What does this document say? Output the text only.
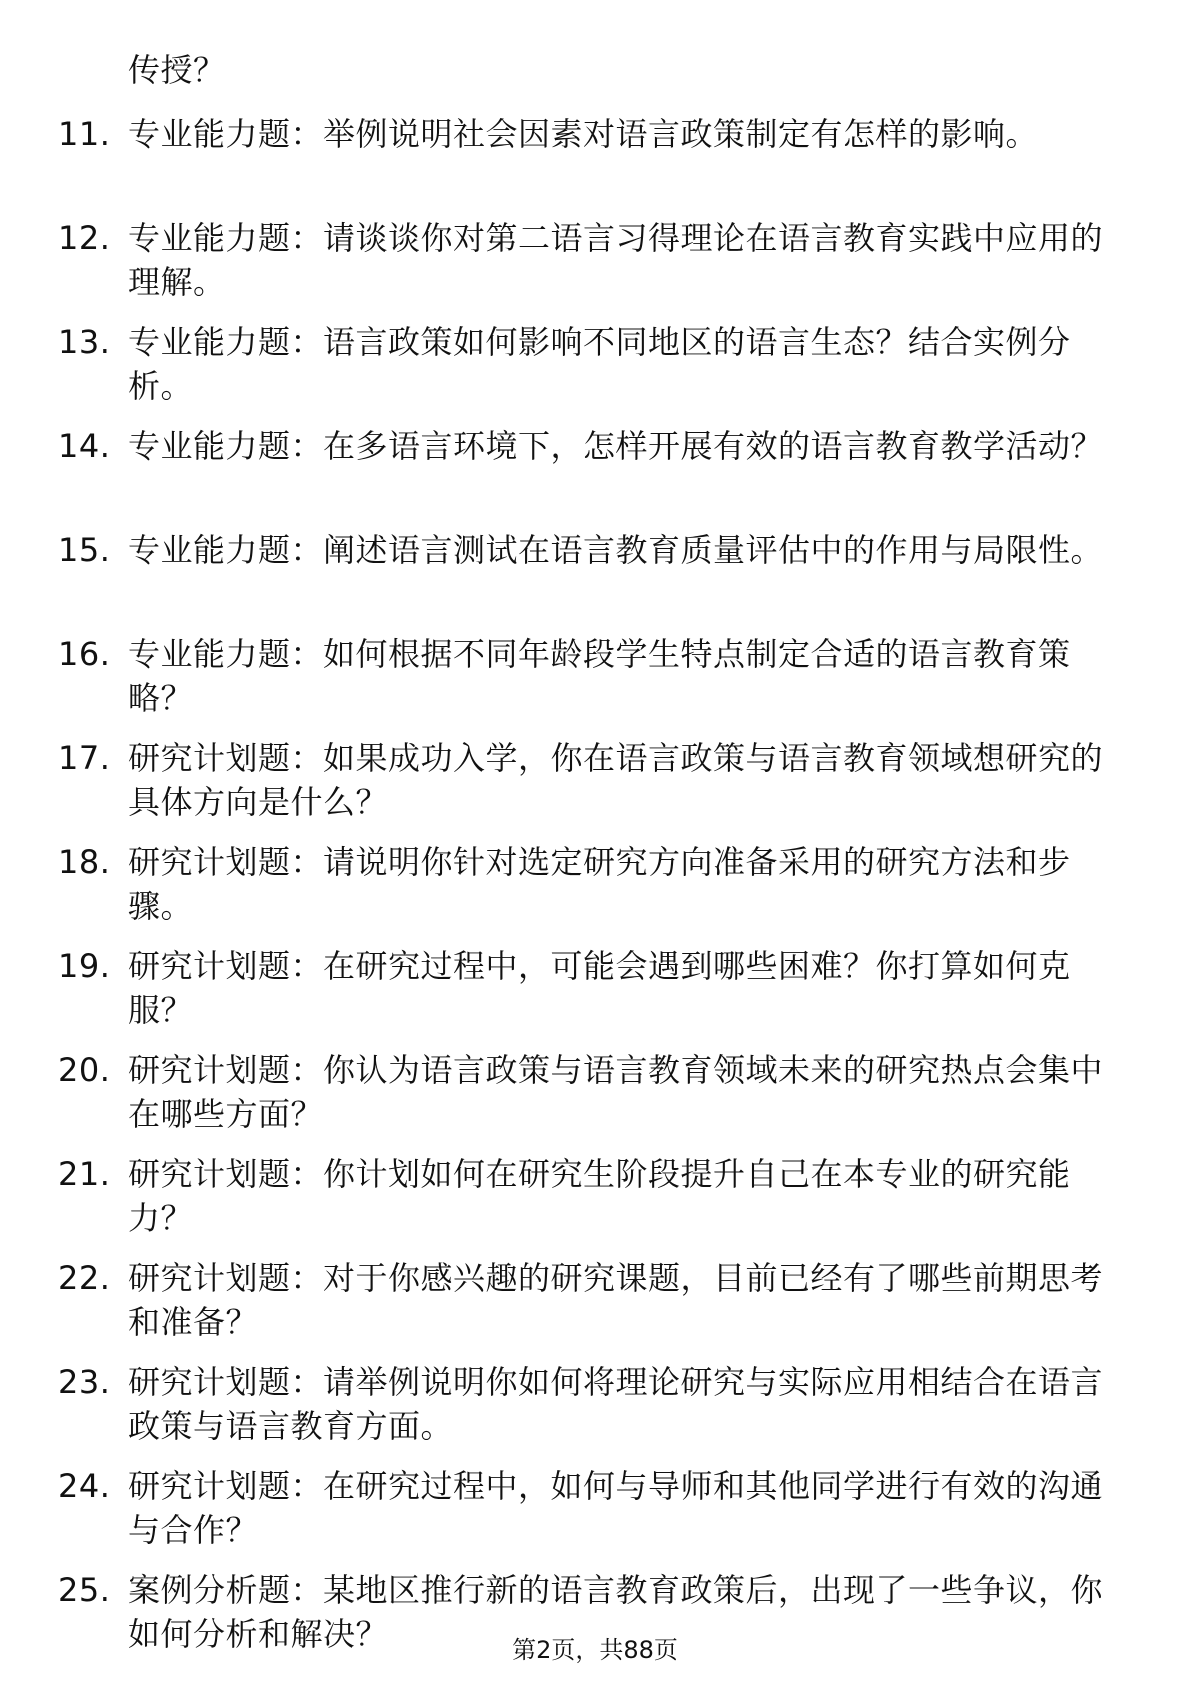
传授？

11. 专业能力题：举例说明社会因素对语言政策制定有怎样的影响。
12. 专业能力题：请谈谈你对第二语言习得理论在语言教育实践中应用的理解。
13. 专业能力题：语言政策如何影响不同地区的语言生态？结合实例分析。
14. 专业能力题：在多语言环境下，怎样开展有效的语言教育教学活动？
15. 专业能力题：阐述语言测试在语言教育质量评估中的作用与局限性。
16. 专业能力题：如何根据不同年龄段学生特点制定合适的语言教育策略？
17. 研究计划题：如果成功入学，你在语言政策与语言教育领域想研究的具体方向是什么？
18. 研究计划题：请说明你针对选定研究方向准备采用的研究方法和步骤。
19. 研究计划题：在研究过程中，可能会遇到哪些困难？你打算如何克服？
20. 研究计划题：你认为语言政策与语言教育领域未来的研究热点会集中在哪些方面？
21. 研究计划题：你计划如何在研究生阶段提升自己在本专业的研究能力？
22. 研究计划题：对于你感兴趣的研究课题，目前已经有了哪些前期思考和准备？
23. 研究计划题：请举例说明你如何将理论研究与实际应用相结合在语言政策与语言教育方面。
24. 研究计划题：在研究过程中，如何与导师和其他同学进行有效的沟通与合作？
25. 案例分析题：某地区推行新的语言教育政策后，出现了一些争议，你如何分析和解决？	第2页，共88页
